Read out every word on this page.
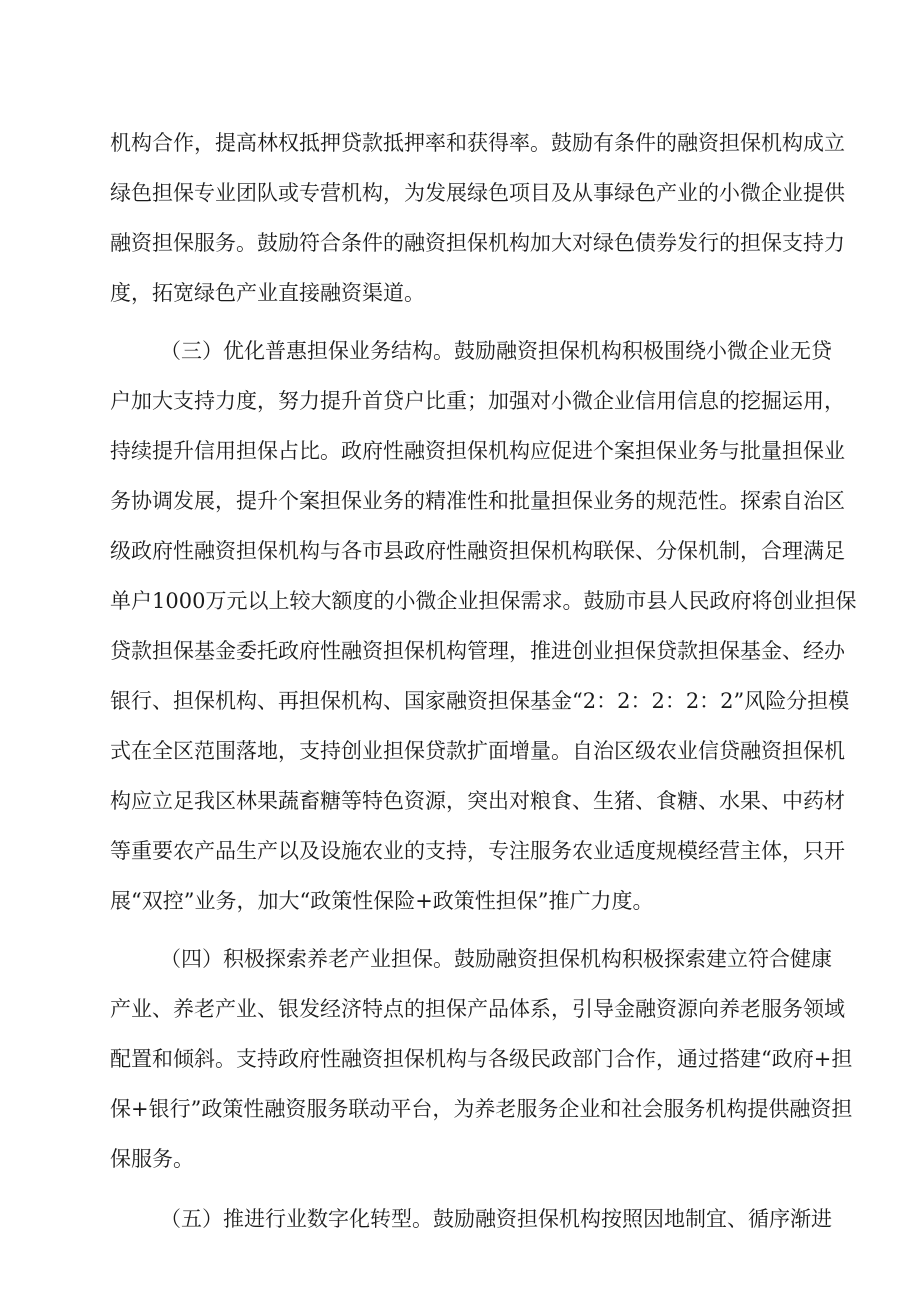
机构合作，提高林权抵押贷款抵押率和获得率。鼓励有条件的融资担保机构成立
绿色担保专业团队或专营机构，为发展绿色项目及从事绿色产业的小微企业提供
融资担保服务。鼓励符合条件的融资担保机构加大对绿色债券发行的担保支持力
度，拓宽绿色产业直接融资渠道。
（三）优化普惠担保业务结构。鼓励融资担保机构积极围绕小微企业无贷
户加大支持力度，努力提升首贷户比重；加强对小微企业信用信息的挖掘运用，
持续提升信用担保占比。政府性融资担保机构应促进个案担保业务与批量担保业
务协调发展，提升个案担保业务的精准性和批量担保业务的规范性。探索自治区
级政府性融资担保机构与各市县政府性融资担保机构联保、分保机制，合理满足
单户1000万元以上较大额度的小微企业担保需求。鼓励市县人民政府将创业担保
贷款担保基金委托政府性融资担保机构管理，推进创业担保贷款担保基金、经办
银行、担保机构、再担保机构、国家融资担保基金“2：2：2：2：2”风险分担模
式在全区范围落地，支持创业担保贷款扩面增量。自治区级农业信贷融资担保机
构应立足我区林果蔬畜糖等特色资源，突出对粮食、生猪、食糖、水果、中药材
等重要农产品生产以及设施农业的支持，专注服务农业适度规模经营主体，只开
展“双控”业务，加大“政策性保险+政策性担保”推广力度。
（四）积极探索养老产业担保。鼓励融资担保机构积极探索建立符合健康
产业、养老产业、银发经济特点的担保产品体系，引导金融资源向养老服务领域
配置和倾斜。支持政府性融资担保机构与各级民政部门合作，通过搭建“政府+担
保+银行”政策性融资服务联动平台，为养老服务企业和社会服务机构提供融资担
保服务。
（五）推进行业数字化转型。鼓励融资担保机构按照因地制宜、循序渐进
